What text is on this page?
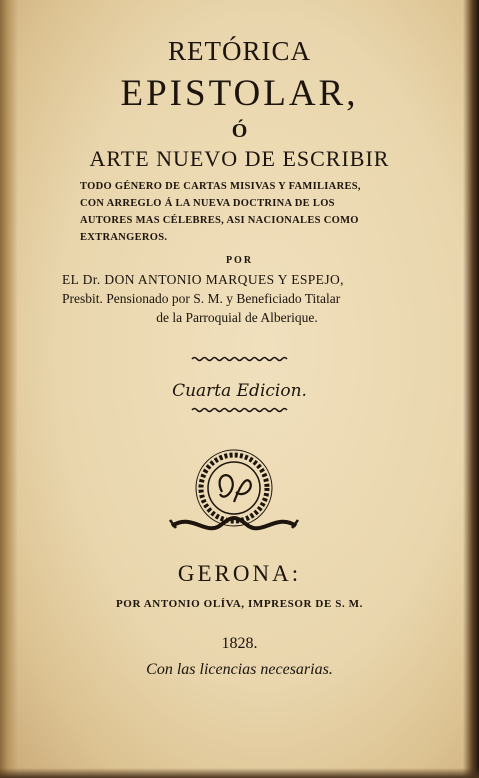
RETÓRICA
EPISTOLAR,
Ó
ARTE NUEVO DE ESCRIBIR
TODO GÉNERO DE CARTAS MISIVAS Y FAMILIARES,
CON ARREGLO Á LA NUEVA DOCTRINA DE LOS
AUTORES MAS CÉLEBRES, ASI NACIONALES COMO
EXTRANGEROS.
POR
EL Dr. DON ANTONIO MARQUES Y ESPEJO,
Presbit. Pensionado por S. M. y Beneficiado Titalar
de la Parroquial de Alberique.
Cuarta Edicion.
GERONA:
POR ANTONIO OLÍVA, IMPRESOR DE S. M.
1828.
Con las licencias necesarias.
